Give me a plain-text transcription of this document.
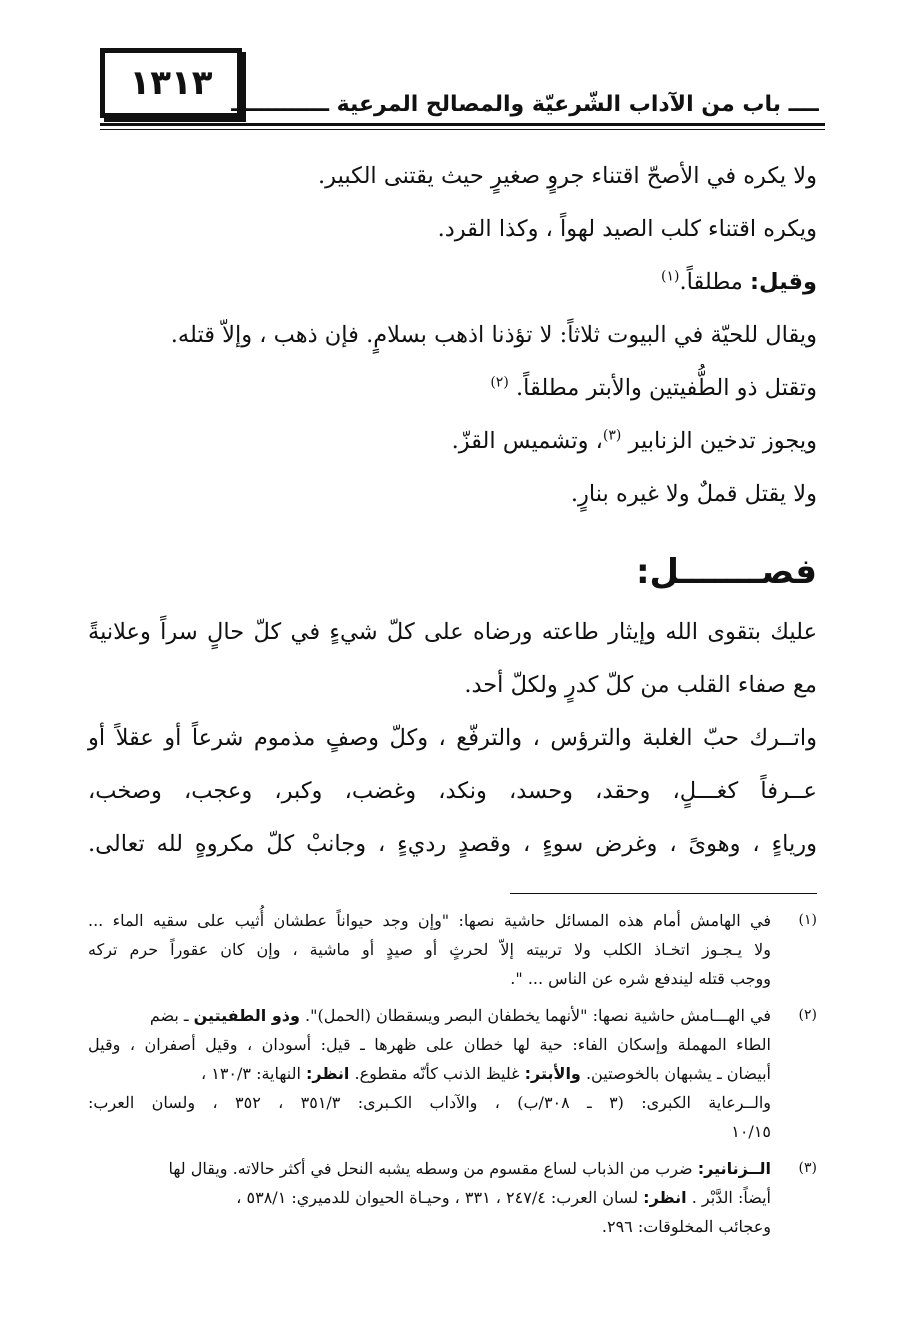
١٣١٣
ــــ باب من الآداب الشّرعيّة والمصالح المرعية ـــــــــــــ
ولا يكره في الأصحّ اقتناء جروٍ صغيرٍ حيث يقتنى الكبير.
ويكره اقتناء كلب الصيد لهواً ، وكذا القرد.
وقيل: مطلقاً.$^{(١)}$
ويقال للحيّة في البيوت ثلاثاً: لا تؤذنا اذهب بسلامٍ. فإن ذهب ، وإلاّ قتله.
وتقتل ذو الطُّفيتين والأبتر مطلقاً. $^{(٢)}$
ويجوز تدخين الزنابير $^{(٣)}$، وتشميس القزّ.
ولا يقتل قملٌ ولا غيره بنارٍ.
فصـــــــل:
عليك بتقوى الله وإيثار طاعته ورضاه على كلّ شيءٍ في كلّ حالٍ سراً وعلانيةً
مع صفاء القلب من كلّ كدرٍ ولكلّ أحد.
واتــرك حبّ الغلبة والترؤس ، والترفّع ، وكلّ وصفٍ مذموم شرعاً أو عقلاً أو
عــرفاً كغـــلٍ، وحقد، وحسد، ونكد، وغضب، وكبر، وعجب، وصخب،
ورياءٍ ، وهوىً ، وغرض سوءٍ ، وقصدٍ رديءٍ ، وجانبْ كلّ مكروهٍ لله تعالى.
(١)
في الهامش أمام هذه المسائل حاشية نصها: "وإن وجد حيواناً عطشان أُثيب على سقيه الماء ...
ولا يـجـوز اتخـاذ الكلب ولا تربيته إلاّ لحرثٍ أو صيدٍ أو ماشية ، وإن كان عقوراً حرم تركه
ووجب قتله ليندفع شره عن الناس ... ".
(٢)
في الهـــامش حاشية نصها: "لأنهما يخطفان البصر ويسقطان (الحمل)". وذو الطفيتين ـ بضم
الطاء المهملة وإسكان الفاء: حية لها خطان على ظهرها ـ قيل: أسودان ، وقيل أصفران ، وقيل
أبيضان ـ يشبهان بالخوصتين. والأبتر: غليظ الذنب كأنّه مقطوع. انظر: النهاية: ١٣٠/٣ ،
والــرعاية الكبرى: (٣ ـ ٣٠٨/ب) ، والآداب الكـبرى: ٣٥١/٣ ، ٣٥٢ ، ولسان العرب:
١٠/١٥
(٣)
الــزنانير: ضرب من الذباب لساع مقسوم من وسطه يشبه النحل في أكثر حالاته. ويقال لها
أيضاً: الدَّبْر . انظر: لسان العرب: ٢٤٧/٤ ، ٣٣١ ، وحيـاة الحيوان للدميري: ٥٣٨/١ ،
وعجائب المخلوقات: ٢٩٦.
